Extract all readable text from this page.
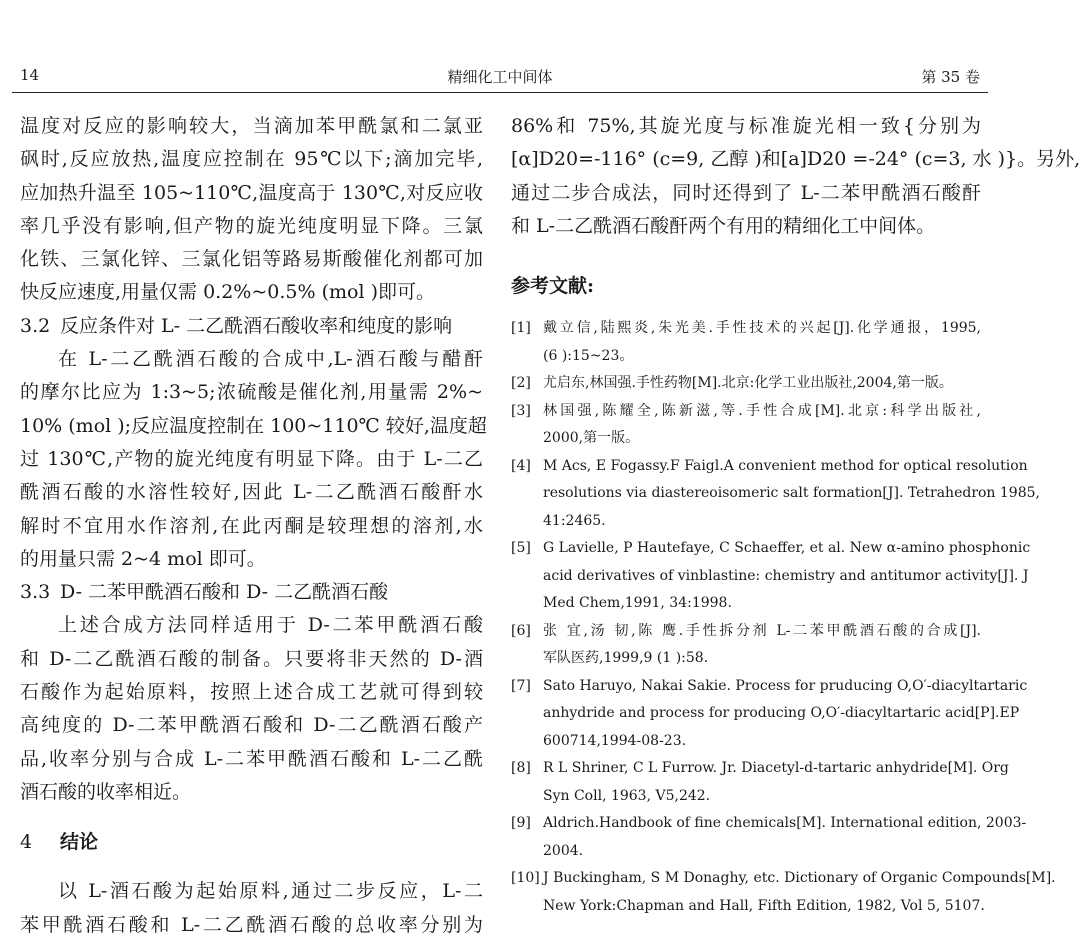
14	精细化工中间体	第 35 卷
温度对反应的影响较大，当滴加苯甲酰氯和二氯亚
砜时,反应放热,温度应控制在 95℃以下;滴加完毕,
应加热升温至 105~110℃,温度高于 130℃,对反应收
率几乎没有影响,但产物的旋光纯度明显下降。三氯
化铁、三氯化锌、三氯化铝等路易斯酸催化剂都可加
快反应速度,用量仅需 0.2%~0.5% (mol )即可。
3.2 反应条件对 L- 二乙酰酒石酸收率和纯度的影响
在 L-二乙酰酒石酸的合成中,L-酒石酸与醋酐
的摩尔比应为 1:3~5;浓硫酸是催化剂,用量需 2%~
10% (mol );反应温度控制在 100~110℃ 较好,温度超
过 130℃,产物的旋光纯度有明显下降。由于 L-二乙
酰酒石酸的水溶性较好,因此 L-二乙酰酒石酸酐水
解时不宜用水作溶剂,在此丙酮是较理想的溶剂,水
的用量只需 2~4 mol 即可。
3.3 D- 二苯甲酰酒石酸和 D- 二乙酰酒石酸
上述合成方法同样适用于 D-二苯甲酰酒石酸
和 D-二乙酰酒石酸的制备。只要将非天然的 D-酒
石酸作为起始原料，按照上述合成工艺就可得到较
高纯度的 D-二苯甲酰酒石酸和 D-二乙酰酒石酸产
品,收率分别与合成 L-二苯甲酰酒石酸和 L-二乙酰
酒石酸的收率相近。
4 结论
以 L-酒石酸为起始原料,通过二步反应，L-二
苯甲酰酒石酸和 L-二乙酰酒石酸的总收率分别为
86%和 75%,其旋光度与标准旋光相一致{分别为
[α]D20=-116° (c=9, 乙醇 )和[a]D20 =-24° (c=3, 水 )}。另外,
通过二步合成法，同时还得到了 L-二苯甲酰酒石酸酐
和 L-二乙酰酒石酸酐两个有用的精细化工中间体。
参考文献:
[1] 戴立信,陆熙炎,朱光美.手性技术的兴起[J].化学通报，1995,
(6 ):15~23。
[2] 尤启东,林国强.手性药物[M].北京:化学工业出版社,2004,第一版。
[3] 林国强,陈耀全,陈新滋,等.手性合成[M].北京:科学出版社,
2000,第一版。
[4] M Acs, E Fogassy.F Faigl.A convenient method for optical resolution
resolutions via diastereoisomeric salt formation[J]. Tetrahedron 1985,
41:2465.
[5] G Lavielle, P Hautefaye, C Schaeffer, et al. New α-amino phosphonic
acid derivatives of vinblastine: chemistry and antitumor activity[J]. J
Med Chem,1991, 34:1998.
[6] 张 宜,汤 韧,陈 鹰.手性拆分剂 L-二苯甲酰酒石酸的合成[J].
军队医药,1999,9 (1 ):58.
[7] Sato Haruyo, Nakai Sakie. Process for pruducing O,O′-diacyltartaric
anhydride and process for producing O,O′-diacyltartaric acid[P].EP
600714,1994-08-23.
[8] R L Shriner, C L Furrow. Jr. Diacetyl-d-tartaric anhydride[M]. Org
Syn Coll, 1963, V5,242.
[9] Aldrich.Handbook of fine chemicals[M]. International edition, 2003-
2004.
[10] J Buckingham, S M Donaghy, etc. Dictionary of Organic Compounds[M].
New York:Chapman and Hall, Fifth Edition, 1982, Vol 5, 5107.
